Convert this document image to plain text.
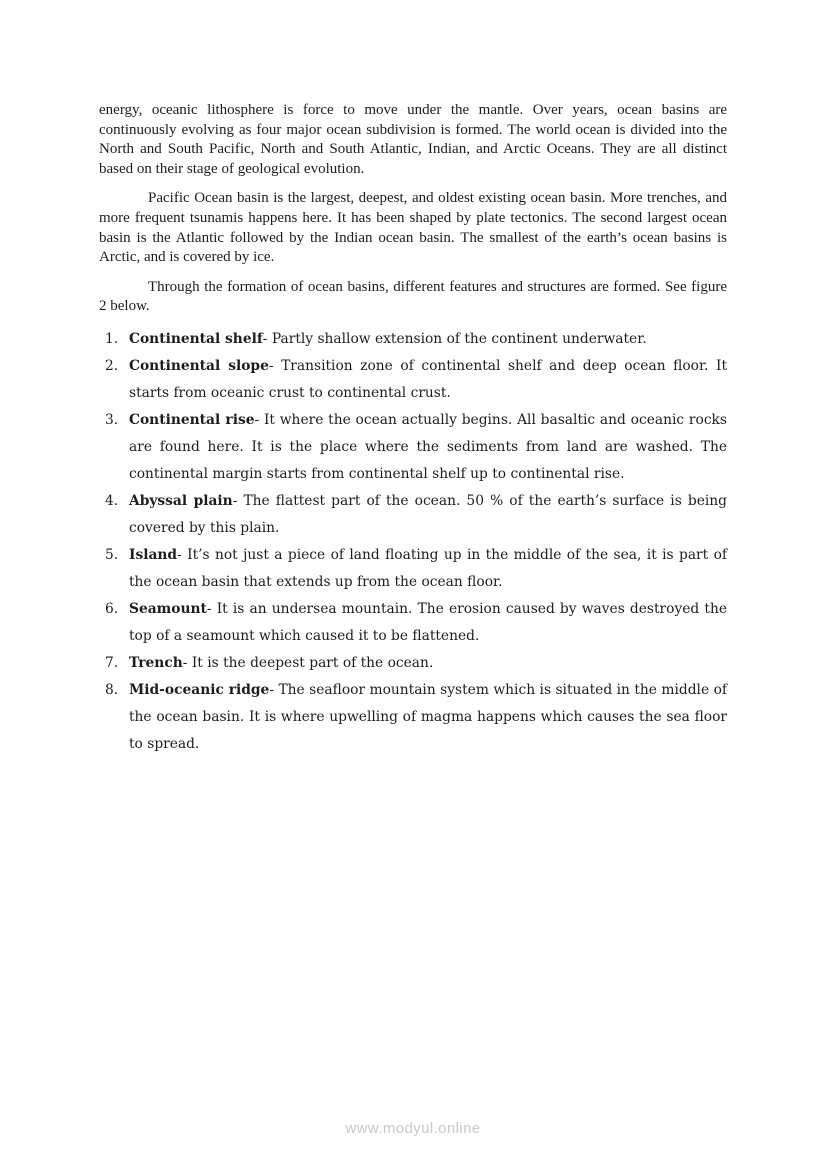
energy, oceanic lithosphere is force to move under the mantle. Over years, ocean basins are continuously evolving as four major ocean subdivision is formed. The world ocean is divided into the North and South Pacific, North and South Atlantic, Indian, and Arctic Oceans. They are all distinct based on their stage of geological evolution.

Pacific Ocean basin is the largest, deepest, and oldest existing ocean basin. More trenches, and more frequent tsunamis happens here. It has been shaped by plate tectonics. The second largest ocean basin is the Atlantic followed by the Indian ocean basin. The smallest of the earth’s ocean basins is Arctic, and is covered by ice.

Through the formation of ocean basins, different features and structures are formed. See figure 2 below.

1. Continental shelf- Partly shallow extension of the continent underwater.
2. Continental slope- Transition zone of continental shelf and deep ocean floor. It starts from oceanic crust to continental crust.
3. Continental rise- It where the ocean actually begins. All basaltic and oceanic rocks are found here. It is the place where the sediments from land are washed. The continental margin starts from continental shelf up to continental rise.
4. Abyssal plain- The flattest part of the ocean. 50 % of the earth’s surface is being covered by this plain.
5. Island- It’s not just a piece of land floating up in the middle of the sea, it is part of the ocean basin that extends up from the ocean floor.
6. Seamount- It is an undersea mountain. The erosion caused by waves destroyed the top of a seamount which caused it to be flattened.
7. Trench- It is the deepest part of the ocean.
8. Mid-oceanic ridge- The seafloor mountain system which is situated in the middle of the ocean basin. It is where upwelling of magma happens which causes the sea floor to spread.
www.modyul.online
